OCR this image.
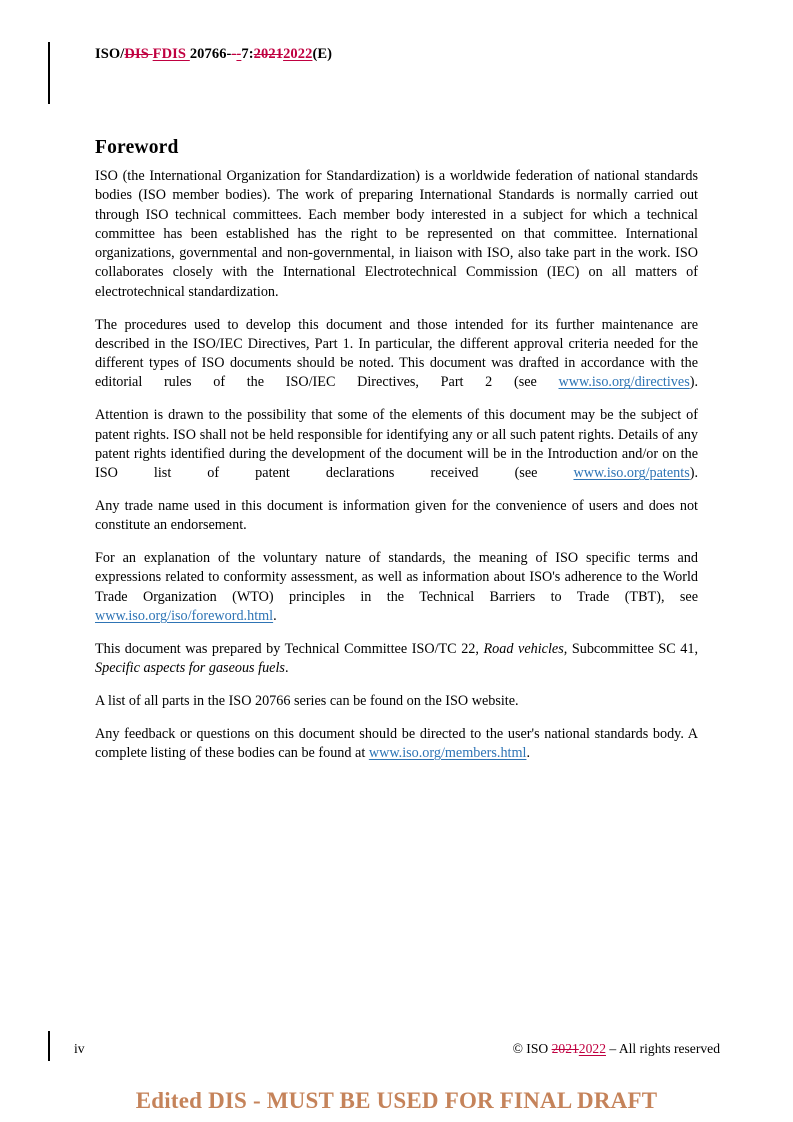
ISO/DIS FDIS 20766---7:20212022(E)
Foreword

ISO (the International Organization for Standardization) is a worldwide federation of national standards bodies (ISO member bodies). The work of preparing International Standards is normally carried out through ISO technical committees. Each member body interested in a subject for which a technical committee has been established has the right to be represented on that committee. International organizations, governmental and non-governmental, in liaison with ISO, also take part in the work. ISO collaborates closely with the International Electrotechnical Commission (IEC) on all matters of electrotechnical standardization.

The procedures used to develop this document and those intended for its further maintenance are described in the ISO/IEC Directives, Part 1. In particular, the different approval criteria needed for the different types of ISO documents should be noted. This document was drafted in accordance with the editorial rules of the ISO/IEC Directives, Part 2 (see www.iso.org/directives).

Attention is drawn to the possibility that some of the elements of this document may be the subject of patent rights. ISO shall not be held responsible for identifying any or all such patent rights. Details of any patent rights identified during the development of the document will be in the Introduction and/or on the ISO list of patent declarations received (see www.iso.org/patents).

Any trade name used in this document is information given for the convenience of users and does not constitute an endorsement.

For an explanation of the voluntary nature of standards, the meaning of ISO specific terms and expressions related to conformity assessment, as well as information about ISO's adherence to the World Trade Organization (WTO) principles in the Technical Barriers to Trade (TBT), see www.iso.org/iso/foreword.html.

This document was prepared by Technical Committee ISO/TC 22, Road vehicles, Subcommittee SC 41, Specific aspects for gaseous fuels.

A list of all parts in the ISO 20766 series can be found on the ISO website.

Any feedback or questions on this document should be directed to the user's national standards body. A complete listing of these bodies can be found at www.iso.org/members.html.

iv	© ISO 20212022 – All rights reserved
Edited DIS - MUST BE USED FOR FINAL DRAFT
